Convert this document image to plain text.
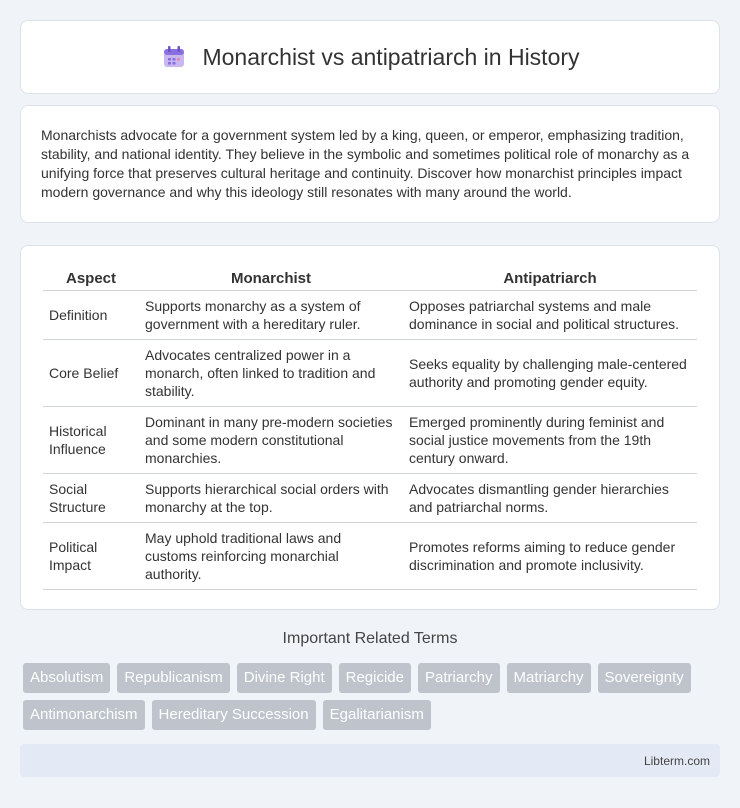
Monarchist vs antipatriarch in History

Monarchists advocate for a government system led by a king, queen, or emperor, emphasizing tradition, stability, and national identity. They believe in the symbolic and sometimes political role of monarchy as a unifying force that preserves cultural heritage and continuity. Discover how monarchist principles impact modern governance and why this ideology still resonates with many around the world.

Aspect	Monarchist	Antipatriarch
Definition	Supports monarchy as a system of government with a hereditary ruler.	Opposes patriarchal systems and male dominance in social and political structures.
Core Belief	Advocates centralized power in a monarch, often linked to tradition and stability.	Seeks equality by challenging male-centered authority and promoting gender equity.
Historical Influence	Dominant in many pre-modern societies and some modern constitutional monarchies.	Emerged prominently during feminist and social justice movements from the 19th century onward.
Social Structure	Supports hierarchical social orders with monarchy at the top.	Advocates dismantling gender hierarchies and patriarchal norms.
Political Impact	May uphold traditional laws and customs reinforcing monarchial authority.	Promotes reforms aiming to reduce gender discrimination and promote inclusivity.
Important Related Terms
Absolutism	Republicanism	Divine Right	Regicide	Patriarchy	Matriarchy	Sovereignty
Antimonarchism	Hereditary Succession	Egalitarianism
Libterm.com
